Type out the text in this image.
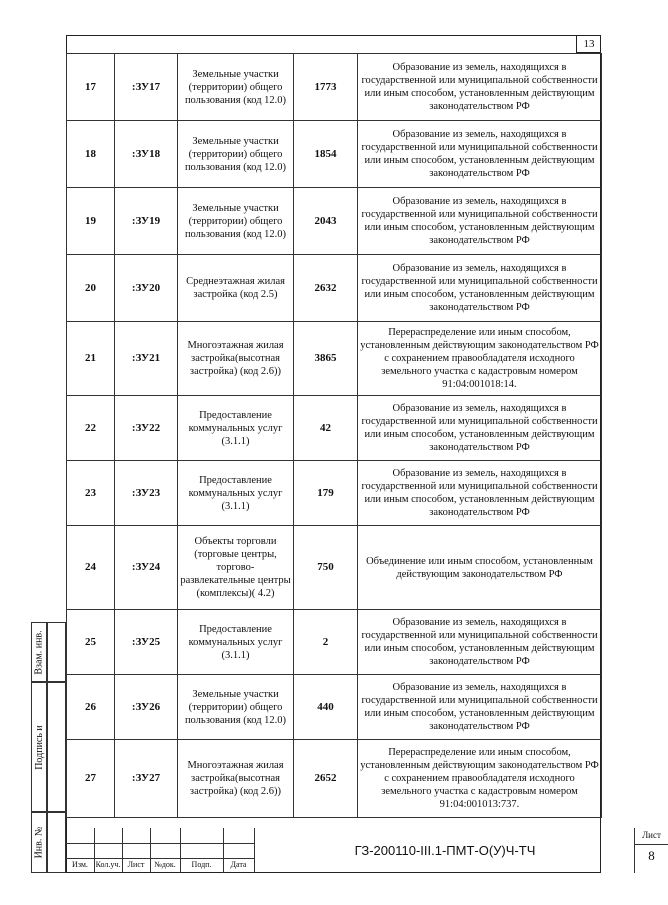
13
17	:ЗУ17	Земельные участки (территории) общего пользования (код 12.0)	1773	Образование из земель, находящихся в государственной или муниципальной собственности или иным способом, установленным действующим законодательством РФ
18	:ЗУ18	Земельные участки (территории) общего пользования (код 12.0)	1854	Образование из земель, находящихся в государственной или муниципальной собственности или иным способом, установленным действующим законодательством РФ
19	:ЗУ19	Земельные участки (территории) общего пользования (код 12.0)	2043	Образование из земель, находящихся в государственной или муниципальной собственности или иным способом, установленным действующим законодательством РФ
20	:ЗУ20	Среднеэтажная жилая застройка (код 2.5)	2632	Образование из земель, находящихся в государственной или муниципальной собственности или иным способом, установленным действующим законодательством РФ
21	:ЗУ21	Многоэтажная жилая застройка(высотная застройка) (код 2.6))	3865	Перераспределение или иным способом, установленным действующим законодательством РФ с сохранением правообладателя исходного земельного участка с кадастровым номером 91:04:001018:14.
22	:ЗУ22	Предоставление коммунальных услуг (3.1.1)	42	Образование из земель, находящихся в государственной или муниципальной собственности или иным способом, установленным действующим законодательством РФ
23	:ЗУ23	Предоставление коммунальных услуг (3.1.1)	179	Образование из земель, находящихся в государственной или муниципальной собственности или иным способом, установленным действующим законодательством РФ
24	:ЗУ24	Объекты торговли (торговые центры, торгово-развлекательные центры (комплексы)( 4.2)	750	Объединение или иным способом, установленным действующим законодательством РФ
25	:ЗУ25	Предоставление коммунальных услуг (3.1.1)	2	Образование из земель, находящихся в государственной или муниципальной собственности или иным способом, установленным действующим законодательством РФ
26	:ЗУ26	Земельные участки (территории) общего пользования (код 12.0)	440	Образование из земель, находящихся в государственной или муниципальной собственности или иным способом, установленным действующим законодательством РФ
27	:ЗУ27	Многоэтажная жилая застройка(высотная застройка) (код 2.6))	2652	Перераспределение или иным способом, установленным действующим законодательством РФ с сохранением правообладателя исходного земельного участка с кадастровым номером 91:04:001013:737.
Взам. инв.
Подпись и
Инв. №
Изм. Кол.уч. Лист	№док.	Подп.	Дата
ГЗ-200110-III.1-ПМТ-О(У)Ч-ТЧ
Лист
8
